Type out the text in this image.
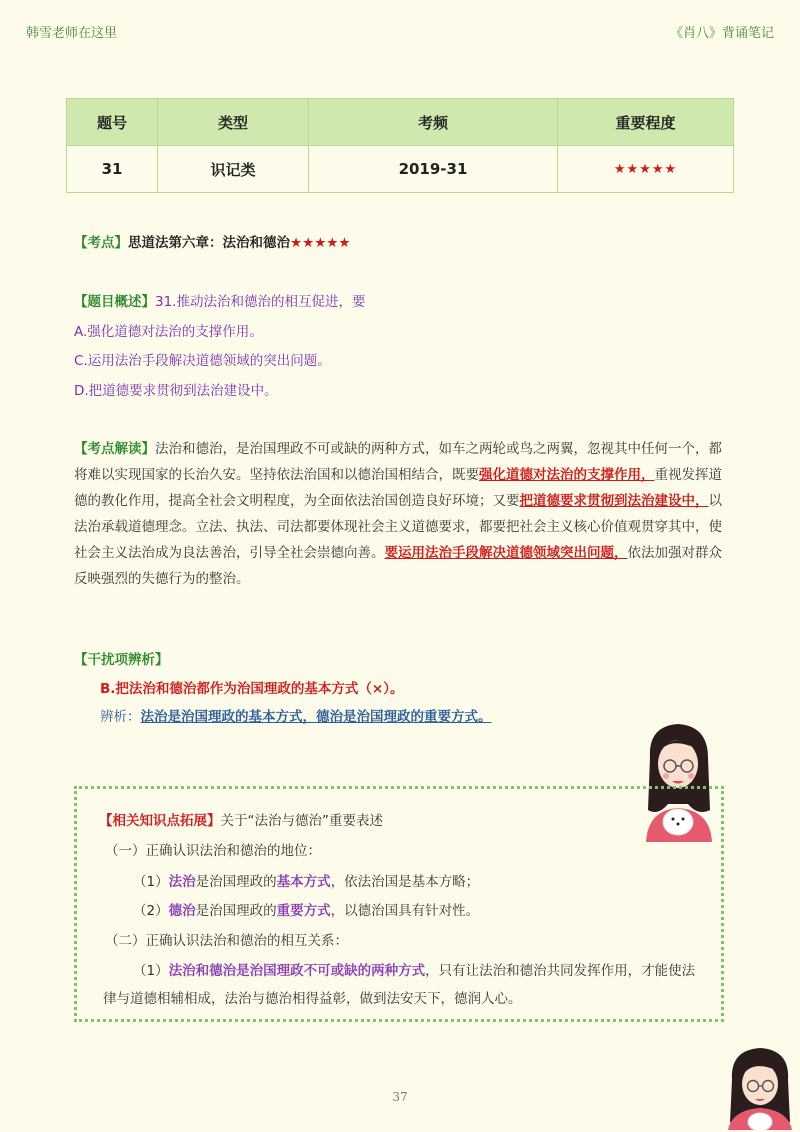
韩雪老师在这里	《肖八》背诵笔记
题号	类型	考频	重要程度
31	识记类	2019-31	★★★★★
【考点】思道法第六章：法治和德治★★★★★
【题目概述】31.推动法治和德治的相互促进，要
A.强化道德对法治的支撑作用。
C.运用法治手段解决道德领域的突出问题。
D.把道德要求贯彻到法治建设中。
【考点解读】法治和德治，是治国理政不可或缺的两种方式，如车之两轮或鸟之两翼，忽视其中任何一个，都将难以实现国家的长治久安。坚持依法治国和以德治国相结合，既要强化道德对法治的支撑作用，重视发挥道德的教化作用，提高全社会文明程度，为全面依法治国创造良好环境；又要把道德要求贯彻到法治建设中，以法治承载道德理念。立法、执法、司法都要体现社会主义道德要求，都要把社会主义核心价值观贯穿其中，使社会主义法治成为良法善治，引导全社会崇德向善。要运用法治手段解决道德领域突出问题，依法加强对群众反映强烈的失德行为的整治。
【干扰项辨析】
B.把法治和德治都作为治国理政的基本方式（×）。
辨析：法治是治国理政的基本方式，德治是治国理政的重要方式。
【相关知识点拓展】关于“法治与德治”重要表述
（一）正确认识法治和德治的地位：
（1）法治是治国理政的基本方式，依法治国是基本方略；
（2）德治是治国理政的重要方式，以德治国具有针对性。
（二）正确认识法治和德治的相互关系：
（1）法治和德治是治国理政不可或缺的两种方式，只有让法治和德治共同发挥作用，才能使法
律与道德相辅相成，法治与德治相得益彰，做到法安天下，德润人心。
37
